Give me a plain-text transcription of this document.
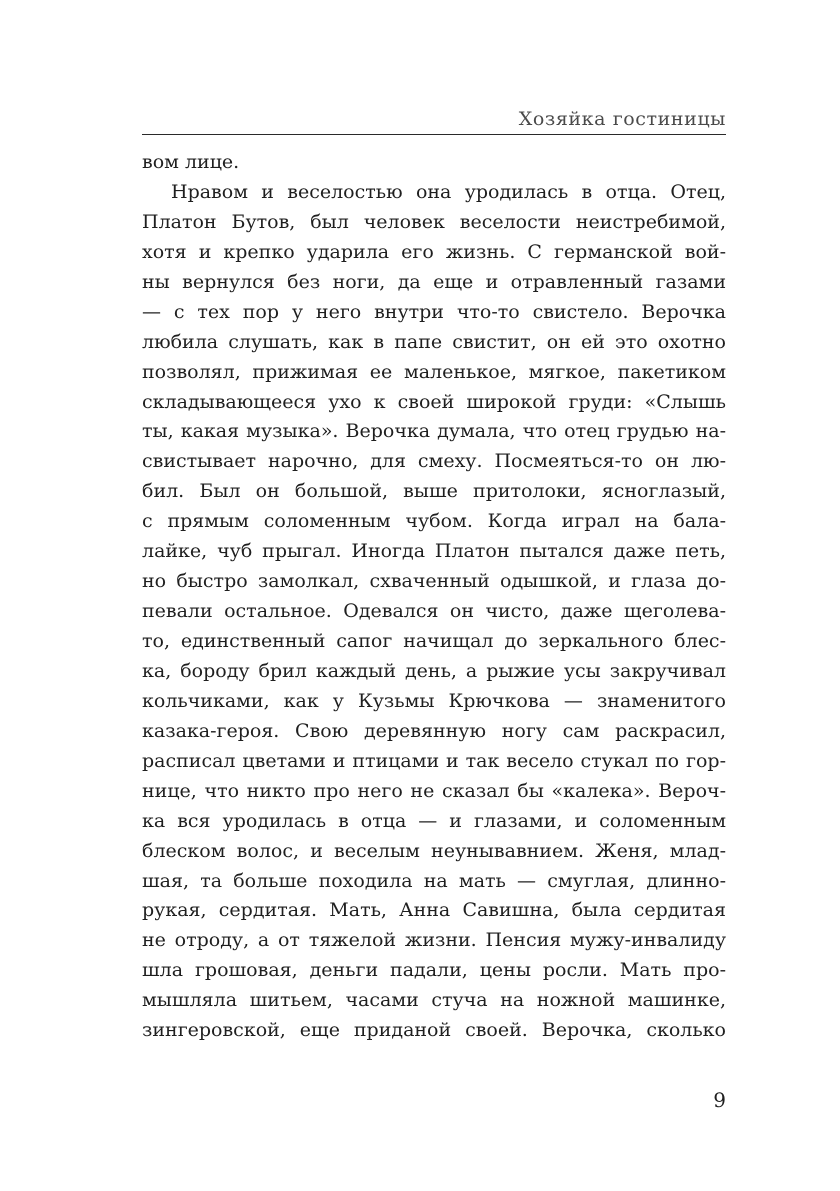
Хозяйка гостиницы
вом лице.
Нравом и веселостью она уродилась в отца. Отец,
Платон Бутов, был человек веселости неистребимой,
хотя и крепко ударила его жизнь. С германской вой-
ны вернулся без ноги, да еще и отравленный газами
— с тех пор у него внутри что-то свистело. Верочка
любила слушать, как в папе свистит, он ей это охотно
позволял, прижимая ее маленькое, мягкое, пакетиком
складывающееся ухо к своей широкой груди: «Слышь
ты, какая музыка». Верочка думала, что отец грудью на-
свистывает нарочно, для смеху. Посмеяться-то он лю-
бил. Был он большой, выше притолоки, ясноглазый,
с прямым соломенным чубом. Когда играл на бала-
лайке, чуб прыгал. Иногда Платон пытался даже петь,
но быстро замолкал, схваченный одышкой, и глаза до-
певали остальное. Одевался он чисто, даже щеголева-
то, единственный сапог начищал до зеркального блес-
ка, бороду брил каждый день, а рыжие усы закручивал
кольчиками, как у Кузьмы Крючкова — знаменитого
казака-героя. Свою деревянную ногу сам раскрасил,
расписал цветами и птицами и так весело стукал по гор-
нице, что никто про него не сказал бы «калека». Вероч-
ка вся уродилась в отца — и глазами, и соломенным
блеском волос, и веселым неунывавнием. Женя, млад-
шая, та больше походила на мать — смуглая, длинно-
рукая, сердитая. Мать, Анна Савишна, была сердитая
не отроду, а от тяжелой жизни. Пенсия мужу-инвалиду
шла грошовая, деньги падали, цены росли. Мать про-
мышляла шитьем, часами стуча на ножной машинке,
зингеровской, еще приданой своей. Верочка, сколько
9
